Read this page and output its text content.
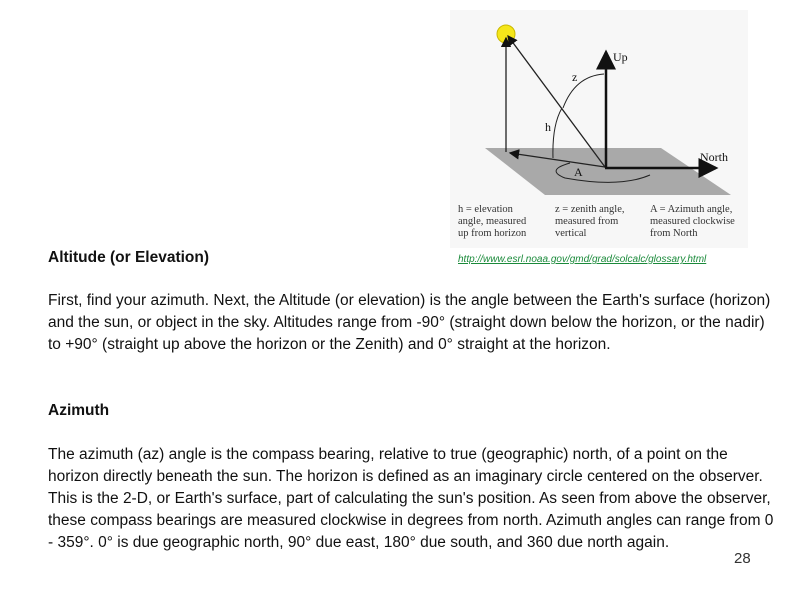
Up
North
z
h
A
h = elevation
angle, measured
up from horizon
z = zenith angle,
measured from
vertical
A = Azimuth angle,
measured clockwise
from North
http://www.esrl.noaa.gov/gmd/grad/solcalc/glossary.html
Altitude (or Elevation)
First, find your azimuth. Next, the Altitude (or elevation) is the angle between the Earth's surface (horizon) and the sun, or object in the sky. Altitudes range from -90° (straight down below the horizon, or the nadir) to +90° (straight up above the horizon or the Zenith) and 0° straight at the horizon.
Azimuth
The azimuth (az) angle is the compass bearing, relative to true (geographic) north, of a point on the horizon directly beneath the sun. The horizon is defined as an imaginary circle centered on the observer. This is the 2-D, or Earth's surface, part of calculating the sun's position. As seen from above the observer, these compass bearings are measured clockwise in degrees from north. Azimuth angles can range from 0 - 359°. 0° is due geographic north, 90° due east, 180° due south, and 360 due north again.
28
